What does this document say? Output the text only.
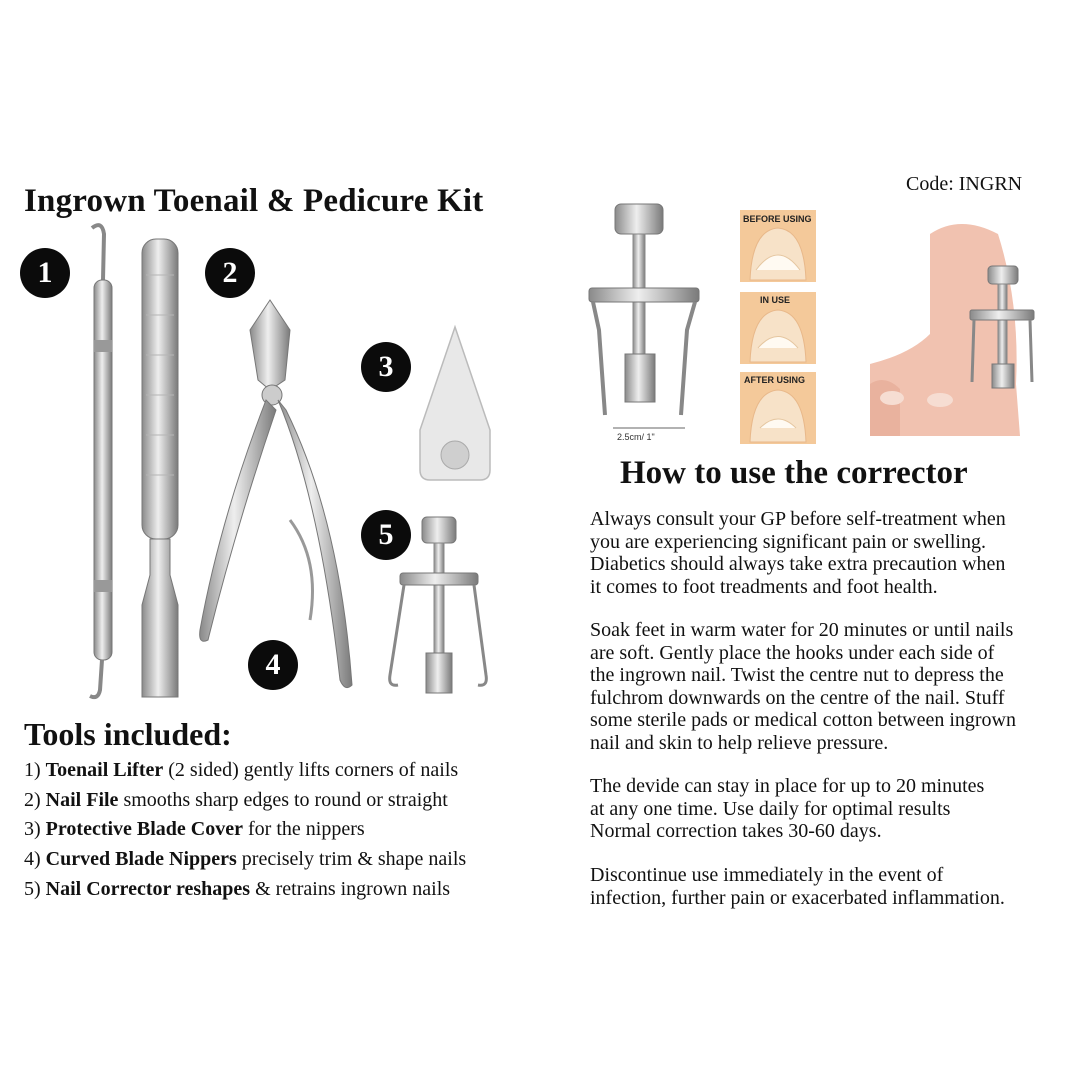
Ingrown Toenail & Pedicure Kit	Code: INGRN
1	2
3
4
5
2.5cm/ 1"
BEFORE USING
IN USE
AFTER USING
Tools included:
1) Toenail Lifter (2 sided) gently lifts corners of nails
2) Nail File smooths sharp edges to round or straight
3) Protective Blade Cover for the nippers
4) Curved Blade Nippers precisely trim & shape nails
5) Nail Corrector reshapes & retrains ingrown nails
How to use the corrector

Always consult your GP before self-treatment when
you are experiencing significant pain or swelling.
Diabetics should always take extra precaution when
it comes to foot treadments and foot health.

Soak feet in warm water for 20 minutes or until nails
are soft. Gently place the hooks under each side of
the ingrown nail. Twist the centre nut to depress the
fulchrom downwards on the centre of the nail. Stuff
some sterile pads or medical cotton between ingrown
nail and skin to help relieve pressure.

The devide can stay in place for up to 20 minutes
at any one time. Use daily for optimal results
Normal correction takes 30-60 days.

Discontinue use immediately in the event of
infection, further pain or exacerbated inflammation.
